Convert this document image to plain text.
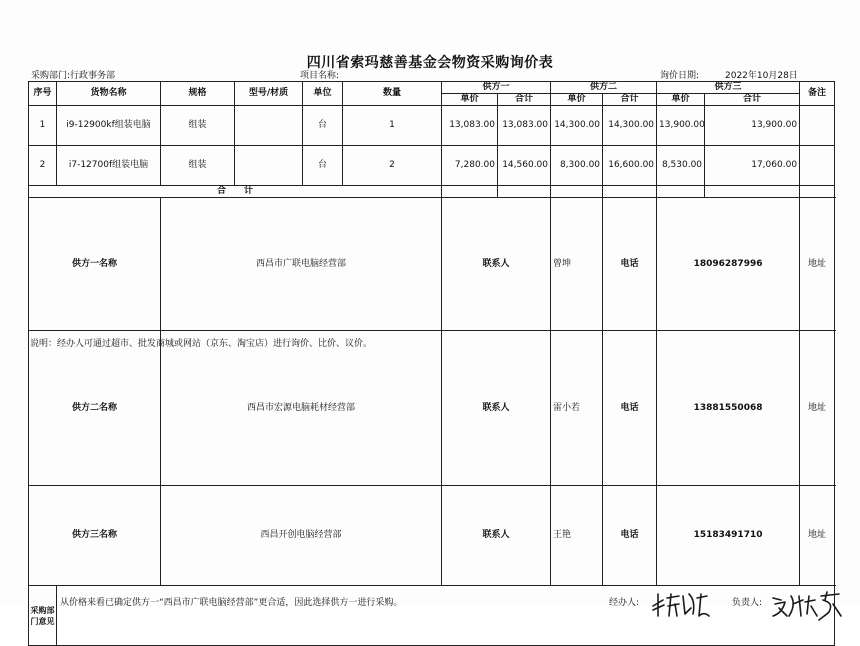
四川省索玛慈善基金会物资采购询价表
采购部门:行政事务部	项目名称:	询价日期:	2022年10月28日
序号	货物名称	规格	型号/材质	单位	数量	供方一		供方二		供方三		备注	
						单价	合计	单价	合计	单价	合计		
1	i9-12900kf组装电脑	组装		台	1	13,083.00	13,083.00	14,300.00	14,300.00	13,900.00	13,900.00		
2	i7-12700f组装电脑	组装		台	2	7,280.00	14,560.00	8,300.00	16,600.00	8,530.00	17,060.00		
合　　计													
供方一名称		西昌市广联电脑经营部				联系人		曾坤	电话	18096287996		地址	
供方二名称		西昌市宏源电脑耗材经营部				联系人		雷小若	电话	13881550068		地址	
供方三名称		西昌开创电脑经营部				联系人		王艳	电话	15183491710		地址	
采购部门意见	从价格来看已确定供方一“西昌市广联电脑经营部”更合适，因此选择供方一进行采购。 经办人: 负责人:												
说明：经办人可通过超市、批发商城或网站（京东、淘宝店）进行询价、比价、议价。
